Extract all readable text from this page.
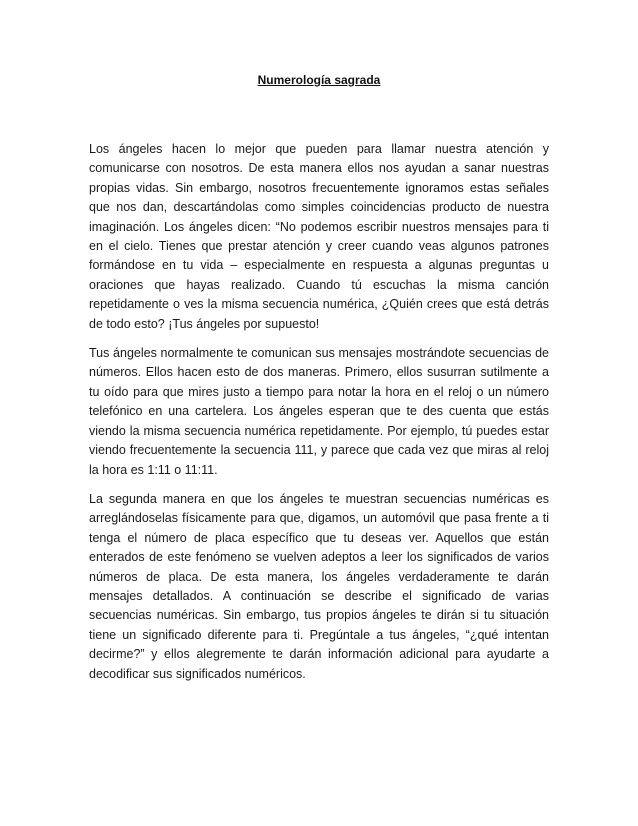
Numerología sagrada

Los ángeles hacen lo mejor que pueden para llamar nuestra atención y comunicarse con nosotros. De esta manera ellos nos ayudan a sanar nuestras propias vidas. Sin embargo, nosotros frecuentemente ignoramos estas señales que nos dan, descartándolas como simples coincidencias producto de nuestra imaginación. Los ángeles dicen: “No podemos escribir nuestros mensajes para ti en el cielo. Tienes que prestar atención y creer cuando veas algunos patrones formándose en tu vida – especialmente en respuesta a algunas preguntas u oraciones que hayas realizado. Cuando tú escuchas la misma canción repetidamente o ves la misma secuencia numérica, ¿Quién crees que está detrás de todo esto? ¡Tus ángeles por supuesto!

Tus ángeles normalmente te comunican sus mensajes mostrándote secuencias de números. Ellos hacen esto de dos maneras. Primero, ellos susurran sutilmente a tu oído para que mires justo a tiempo para notar la hora en el reloj o un número telefónico en una cartelera. Los ángeles esperan que te des cuenta que estás viendo la misma secuencia numérica repetidamente. Por ejemplo, tú puedes estar viendo frecuentemente la secuencia 111, y parece que cada vez que miras al reloj la hora es 1:11 o 11:11.

La segunda manera en que los ángeles te muestran secuencias numéricas es arreglándoselas físicamente para que, digamos, un automóvil que pasa frente a ti tenga el número de placa específico que tu deseas ver. Aquellos que están enterados de este fenómeno se vuelven adeptos a leer los significados de varios números de placa. De esta manera, los ángeles verdaderamente te darán mensajes detallados. A continuación se describe el significado de varias secuencias numéricas. Sin embargo, tus propios ángeles te dirán si tu situación tiene un significado diferente para ti. Pregúntale a tus ángeles, “¿qué intentan decirme?” y ellos alegremente te darán información adicional para ayudarte a decodificar sus significados numéricos.
